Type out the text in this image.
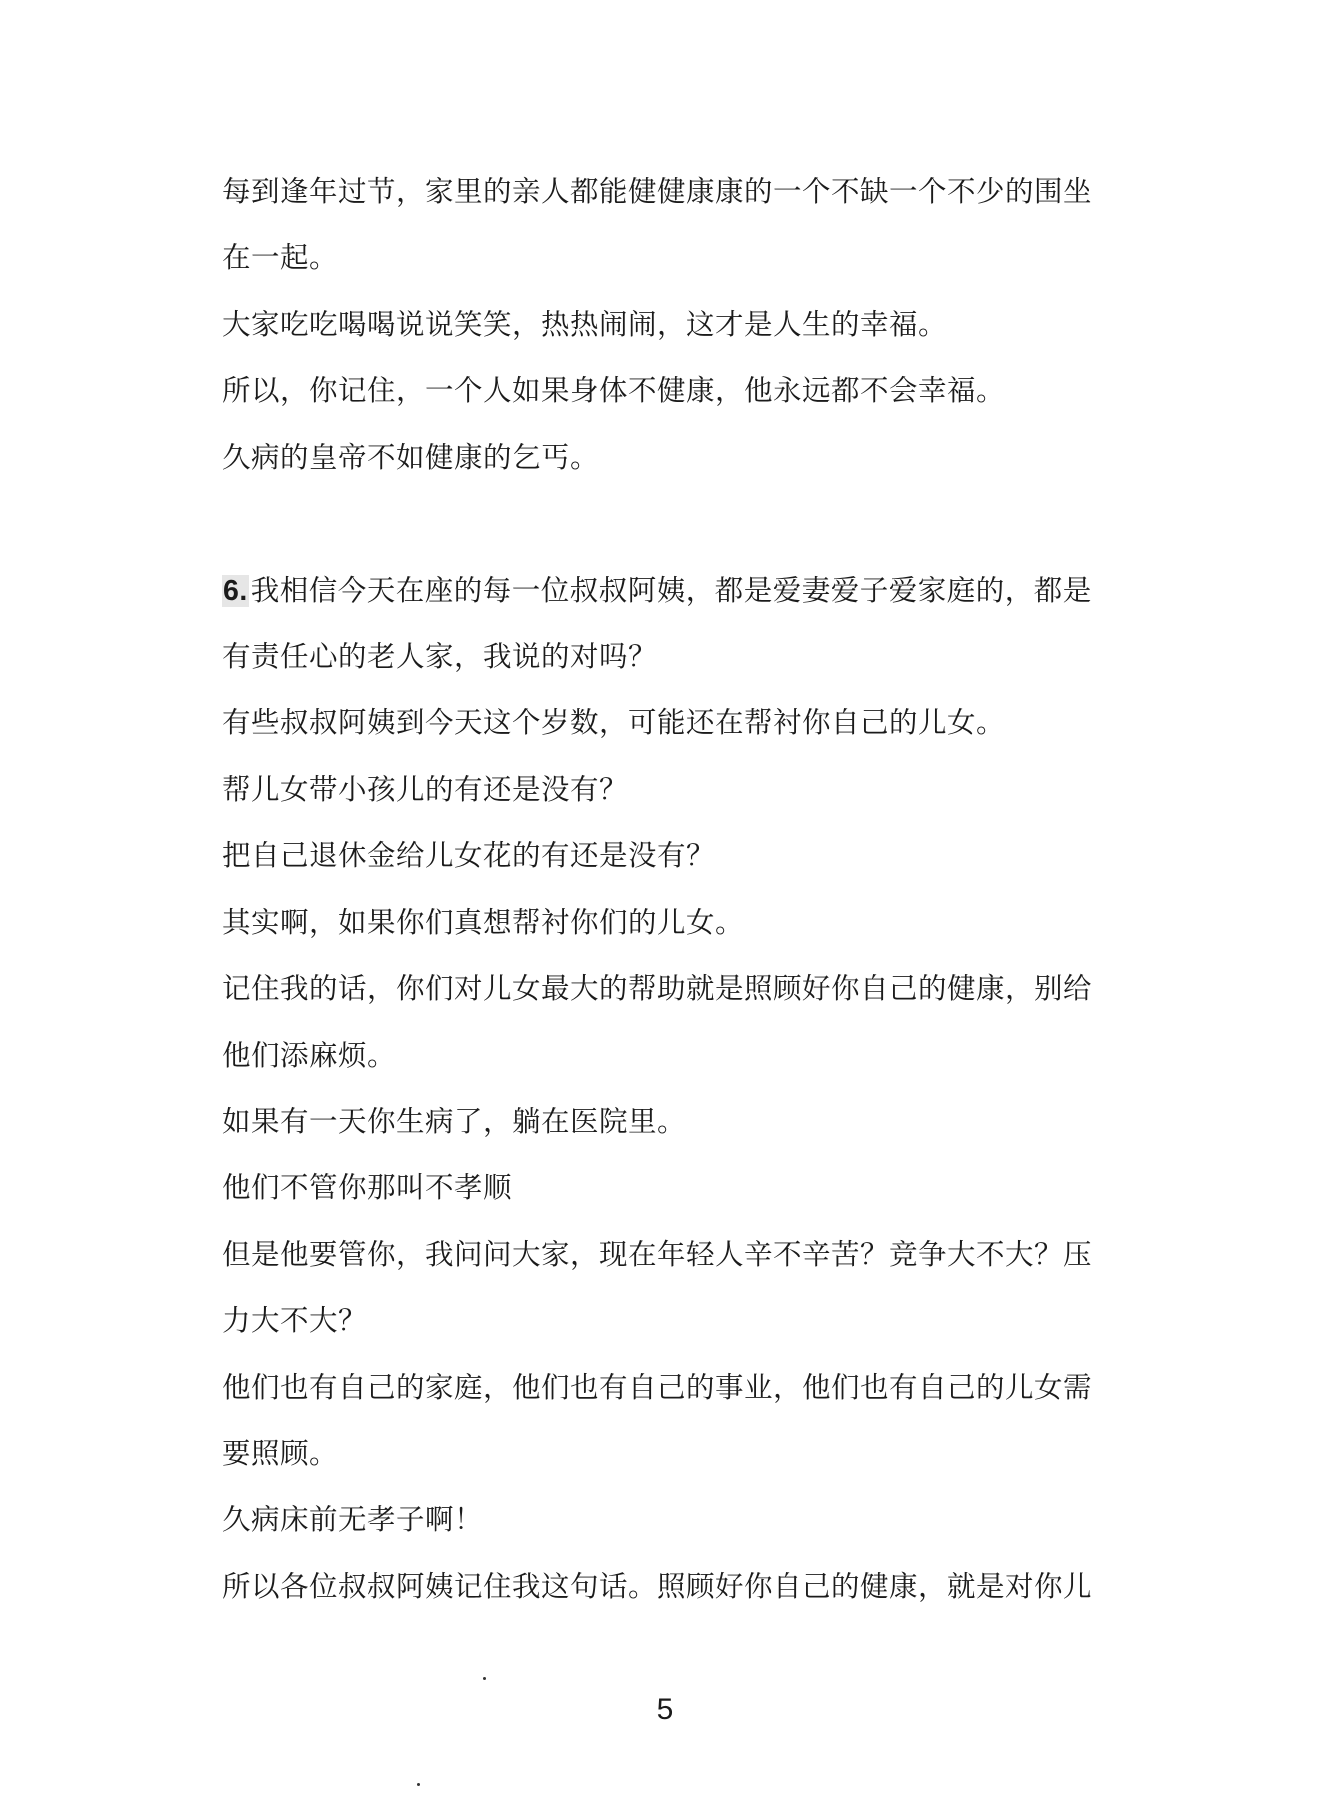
每到逢年过节，家里的亲人都能健健康康的一个不缺一个不少的围坐
在一起。
大家吃吃喝喝说说笑笑，热热闹闹，这才是人生的幸福。
所以，你记住，一个人如果身体不健康，他永远都不会幸福。
久病的皇帝不如健康的乞丐。
6. 我相信今天在座的每一位叔叔阿姨，都是爱妻爱子爱家庭的，都是
有责任心的老人家，我说的对吗？
有些叔叔阿姨到今天这个岁数，可能还在帮衬你自己的儿女。
帮儿女带小孩儿的有还是没有？
把自己退休金给儿女花的有还是没有？
其实啊，如果你们真想帮衬你们的儿女。
记住我的话，你们对儿女最大的帮助就是照顾好你自己的健康，别给
他们添麻烦。
如果有一天你生病了，躺在医院里。
他们不管你那叫不孝顺
但是他要管你，我问问大家，现在年轻人辛不辛苦？竞争大不大？压
力大不大？
他们也有自己的家庭，他们也有自己的事业，他们也有自己的儿女需
要照顾。
久病床前无孝子啊！
所以各位叔叔阿姨记住我这句话。照顾好你自己的健康，就是对你儿
5
